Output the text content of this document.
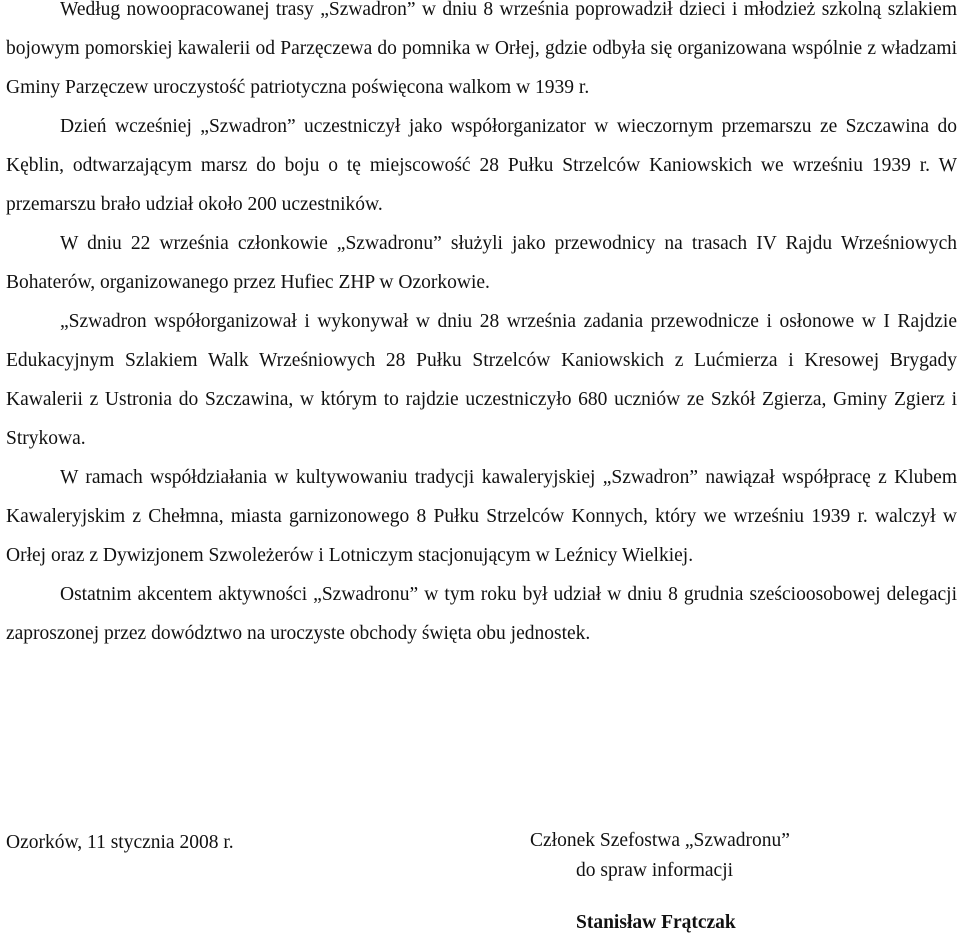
Według nowoopracowanej trasy „Szwadron” w dniu 8 września poprowadził dzieci i młodzież szkolną szlakiem bojowym pomorskiej kawalerii od Parzęczewa do pomnika w Orłej, gdzie odbyła się organizowana wspólnie z władzami Gminy Parzęczew uroczystość patriotyczna poświęcona walkom w 1939 r.

Dzień wcześniej „Szwadron” uczestniczył jako współorganizator w wieczornym przemarszu ze Szczawina do Kęblin, odtwarzającym marsz do boju o tę miejscowość 28 Pułku Strzelców Kaniowskich we wrześniu 1939 r. W przemarszu brało udział około 200 uczestników.

W dniu 22 września członkowie „Szwadronu” służyli jako przewodnicy na trasach IV Rajdu Wrześniowych Bohaterów, organizowanego przez Hufiec ZHP w Ozorkowie.

„Szwadron współorganizował i wykonywał w dniu 28 września zadania przewodnicze i osłonowe w I Rajdzie Edukacyjnym Szlakiem Walk Wrześniowych 28 Pułku Strzelców Kaniowskich z Lućmierza i Kresowej Brygady Kawalerii z Ustronia do Szczawina, w którym to rajdzie uczestniczyło 680 uczniów ze Szkół Zgierza, Gminy Zgierz i Strykowa.

W ramach współdziałania w kultywowaniu tradycji kawaleryjskiej „Szwadron” nawiązał współpracę z Klubem Kawaleryjskim z Chełmna, miasta garnizonowego 8 Pułku Strzelców Konnych, który we wrześniu 1939 r. walczył w Orłej oraz z Dywizjonem Szwoleżerów i Lotniczym stacjonującym w Leźnicy Wielkiej.

Ostatnim akcentem aktywności „Szwadronu” w tym roku był udział w dniu 8 grudnia sześcioosobowej delegacji zaproszonej przez dowództwo na uroczyste obchody święta obu jednostek.

Ozorków, 11 stycznia 2008 r.	Członek Szefostwa „Szwadronu”
do spraw informacji
Stanisław Frątczak
